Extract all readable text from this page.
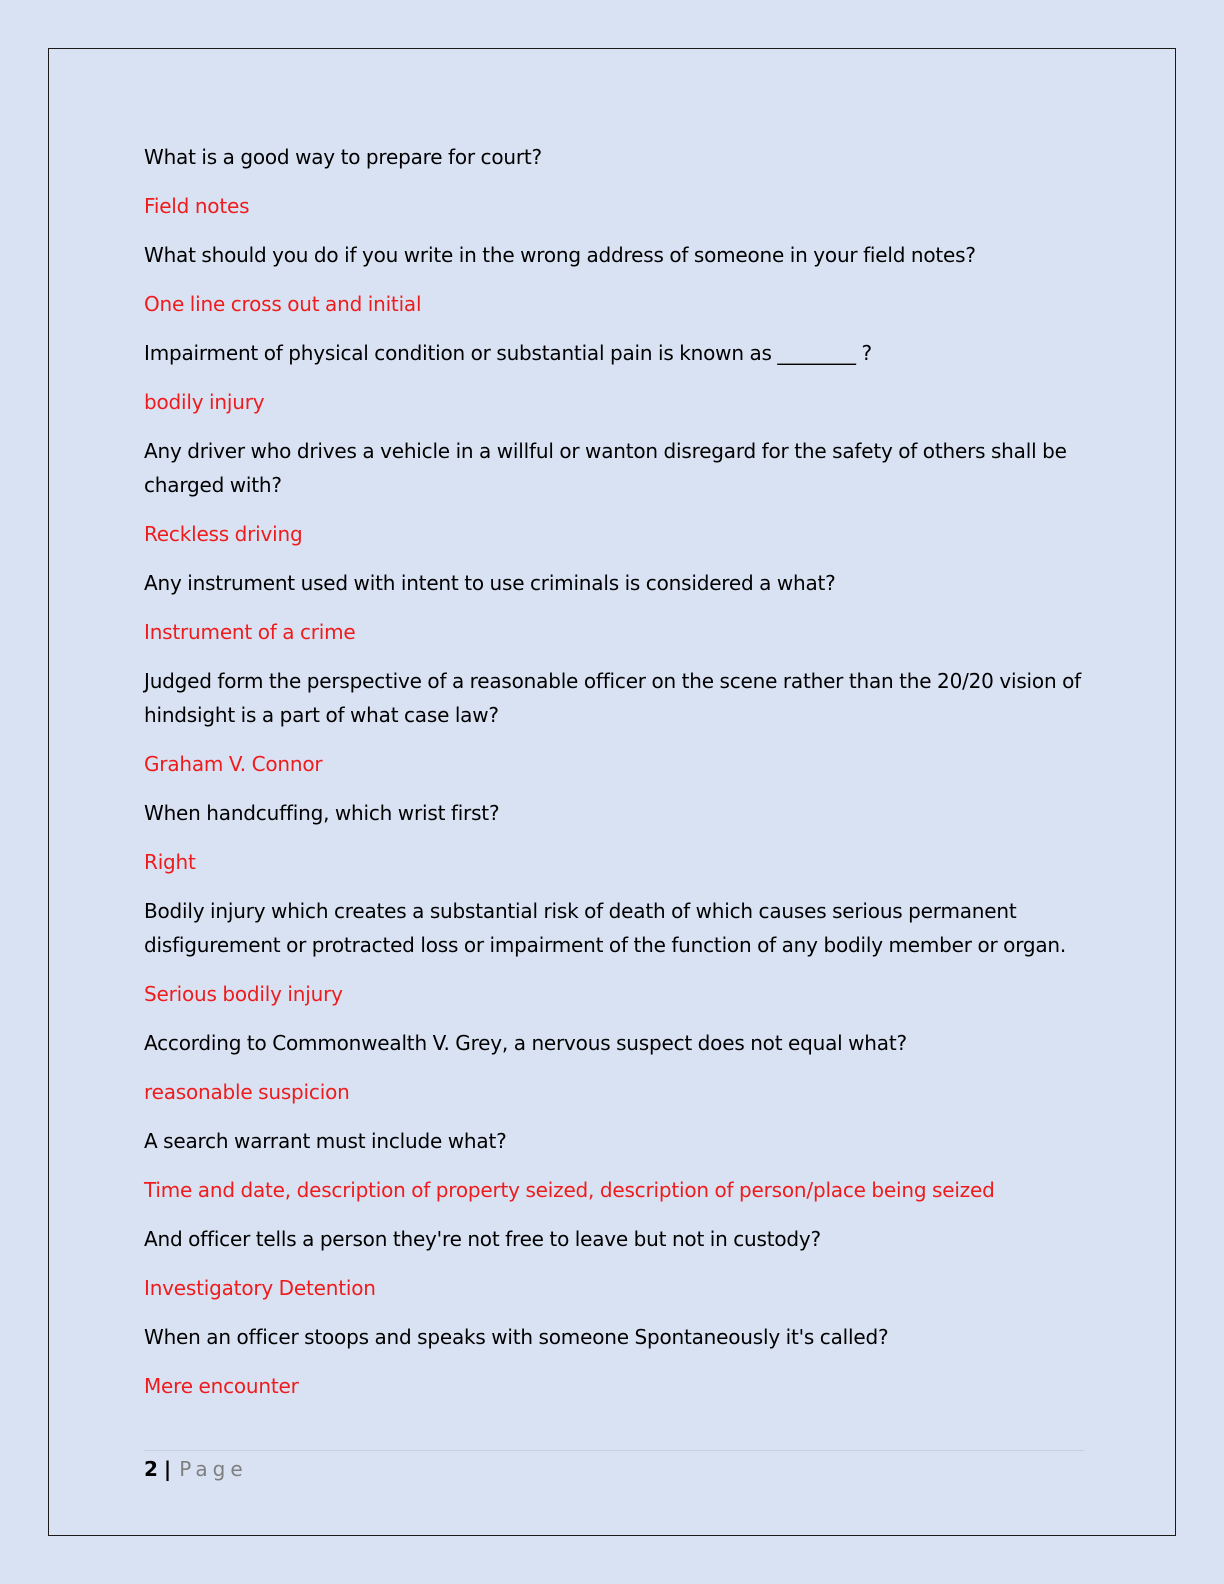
What is a good way to prepare for court?

Field notes

What should you do if you write in the wrong address of someone in your field notes?

One line cross out and initial

Impairment of physical condition or substantial pain is known as ________ ?

bodily injury

Any driver who drives a vehicle in a willful or wanton disregard for the safety of others shall be charged with?

Reckless driving

Any instrument used with intent to use criminals is considered a what?

Instrument of a crime

Judged form the perspective of a reasonable officer on the scene rather than the 20/20 vision of hindsight is a part of what case law?

Graham V. Connor

When handcuffing, which wrist first?

Right

Bodily injury which creates a substantial risk of death of which causes serious permanent disfigurement or protracted loss or impairment of the function of any bodily member or organ.

Serious bodily injury

According to Commonwealth V. Grey, a nervous suspect does not equal what?

reasonable suspicion

A search warrant must include what?

Time and date, description of property seized, description of person/place being seized

And officer tells a person they're not free to leave but not in custody?

Investigatory Detention

When an officer stoops and speaks with someone Spontaneously it's called?

Mere encounter

2 | Page
